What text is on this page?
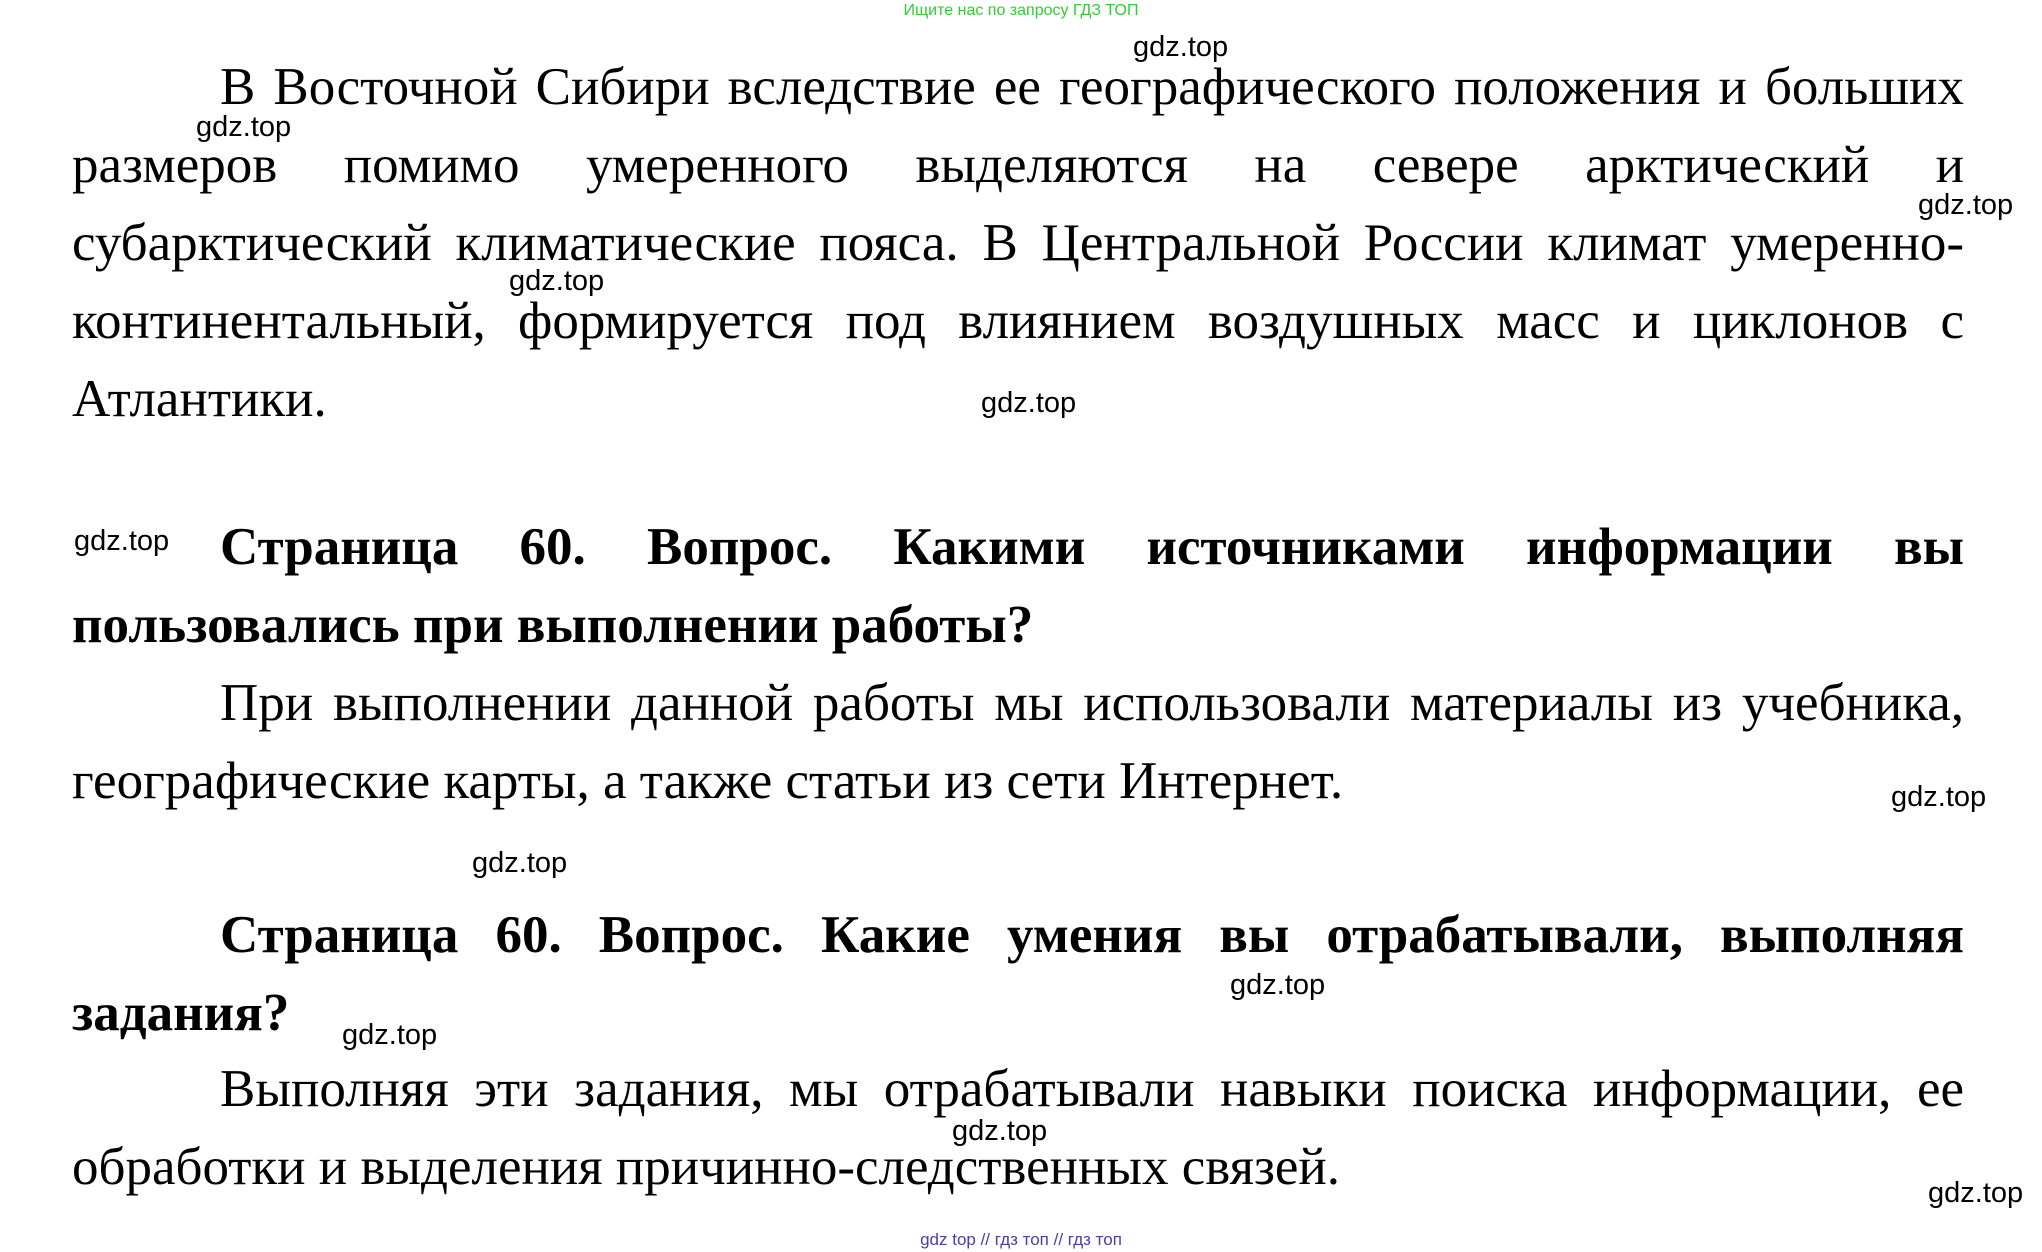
Ищите нас по запросу ГДЗ ТОП

В Восточной Сибири вследствие ее географического положения и больших размеров помимо умеренного выделяются на севере арктический и субарктический климатические пояса. В Центральной России климат умеренно-континентальный, формируется под влиянием воздушных масс и циклонов с Атлантики.

Страница 60. Вопрос. Какими источниками информации вы пользовались при выполнении работы?

При выполнении данной работы мы использовали материалы из учебника, географические карты, а также статьи из сети Интернет.

Страница 60. Вопрос. Какие умения вы отрабатывали, выполняя задания?

Выполняя эти задания, мы отрабатывали навыки поиска информации, ее обработки и выделения причинно-следственных связей.

gdz.top
gdz.top
gdz.top
gdz.top
gdz.top
gdz.top
gdz.top
gdz.top
gdz.top
gdz.top
gdz.top
gdz.top
gdz top // гдз топ // гдз топ
